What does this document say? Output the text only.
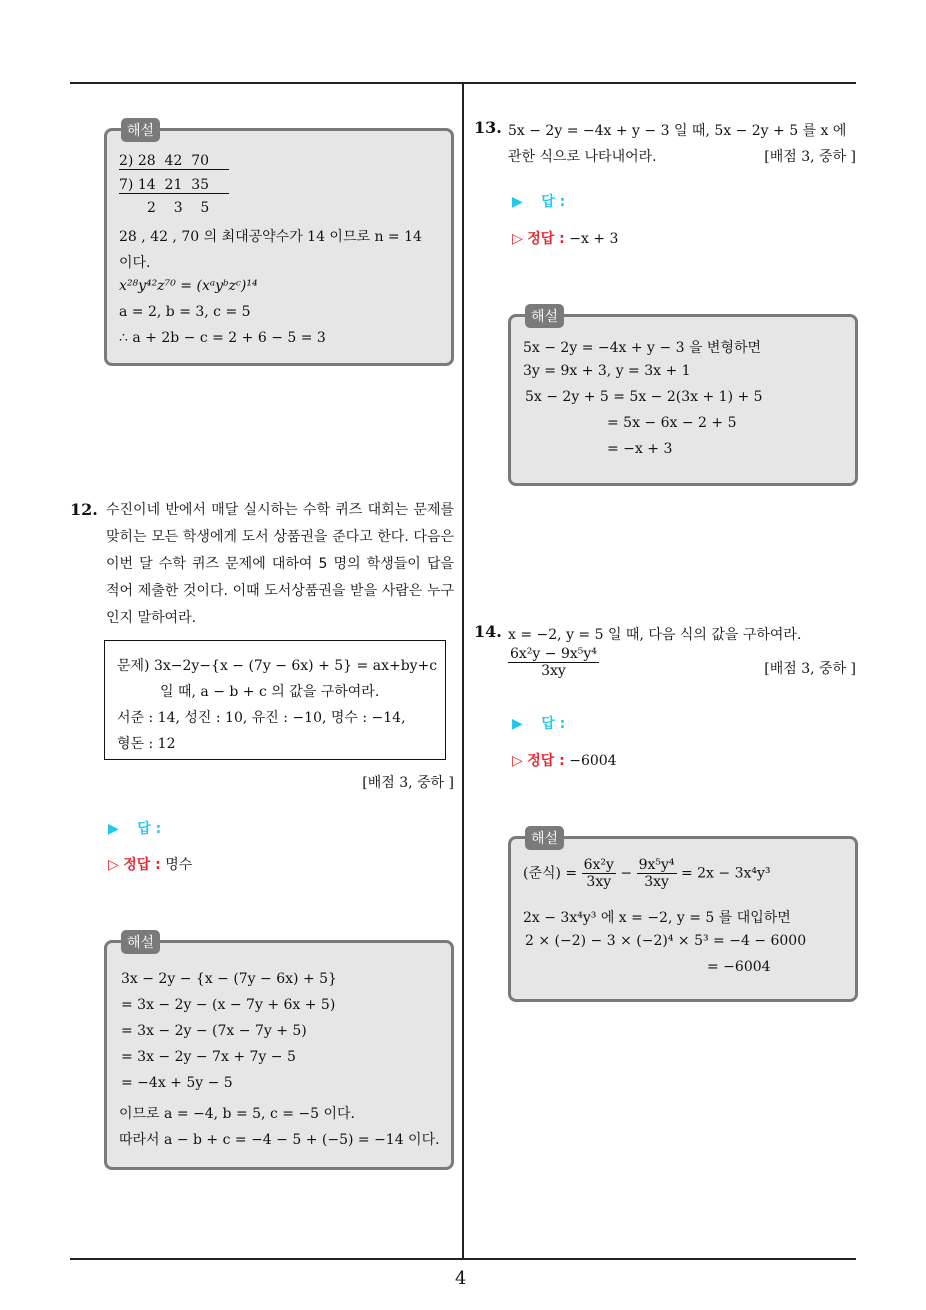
4
해설
2) 28  42  70
7) 14  21  35
2    3    5
28 , 42 , 70 의 최대공약수가 14 이므로 n = 14
이다.
x²⁸y⁴²z⁷⁰ = (xᵃyᵇzᶜ)¹⁴
a = 2, b = 3, c = 5
∴ a + 2b − c = 2 + 6 − 5 = 3
12. 수진이네 반에서 매달 실시하는 수학 퀴즈 대회는 문제를 맞히는 모든 학생에게 도서 상품권을 준다고 한다. 다음은 이번 달 수학 퀴즈 문제에 대하여 5 명의 학생들이 답을 적어 제출한 것이다. 이때 도서상품권을 받을 사람은 누구인지 말하여라.
문제) 3x−2y−{x − (7y − 6x) + 5} = ax+by+c
일 때, a − b + c 의 값을 구하여라.
서준 : 14, 성진 : 10, 유진 : −10, 명수 : −14,
형돈 : 12
[배점 3, 중하 ]
▶ 답 :
▷ 정답 : 명수
해설
3x − 2y − {x − (7y − 6x) + 5}
= 3x − 2y − (x − 7y + 6x + 5)
= 3x − 2y − (7x − 7y + 5)
= 3x − 2y − 7x + 7y − 5
= −4x + 5y − 5
이므로 a = −4, b = 5, c = −5 이다.
따라서 a − b + c = −4 − 5 + (−5) = −14 이다.
13. 5x − 2y = −4x + y − 3 일 때, 5x − 2y + 5 를 x 에
관한 식으로 나타내어라.	[배점 3, 중하 ]
▶ 답 :
▷ 정답 : −x + 3
해설
5x − 2y = −4x + y − 3 을 변형하면
3y = 9x + 3, y = 3x + 1
5x − 2y + 5 = 5x − 2(3x + 1) + 5
= 5x − 6x − 2 + 5
= −x + 3
14. x = −2, y = 5 일 때, 다음 식의 값을 구하여라.
$\frac{\text{6x²y − 9x⁵y⁴}}{3xy}$	[배점 3, 중하 ]
▶ 답 :
▷ 정답 : −6004
해설
(준식) = $\frac{\text{6x²y}}{3xy} - \frac{\text{9x⁵y⁴}}{3xy} = 2x - 3x^4y^3$
2x − 3x⁴y³ 에 x = −2, y = 5 를 대입하면
2 × (−2) − 3 × (−2)⁴ × 5³ = −4 − 6000
= −6004
